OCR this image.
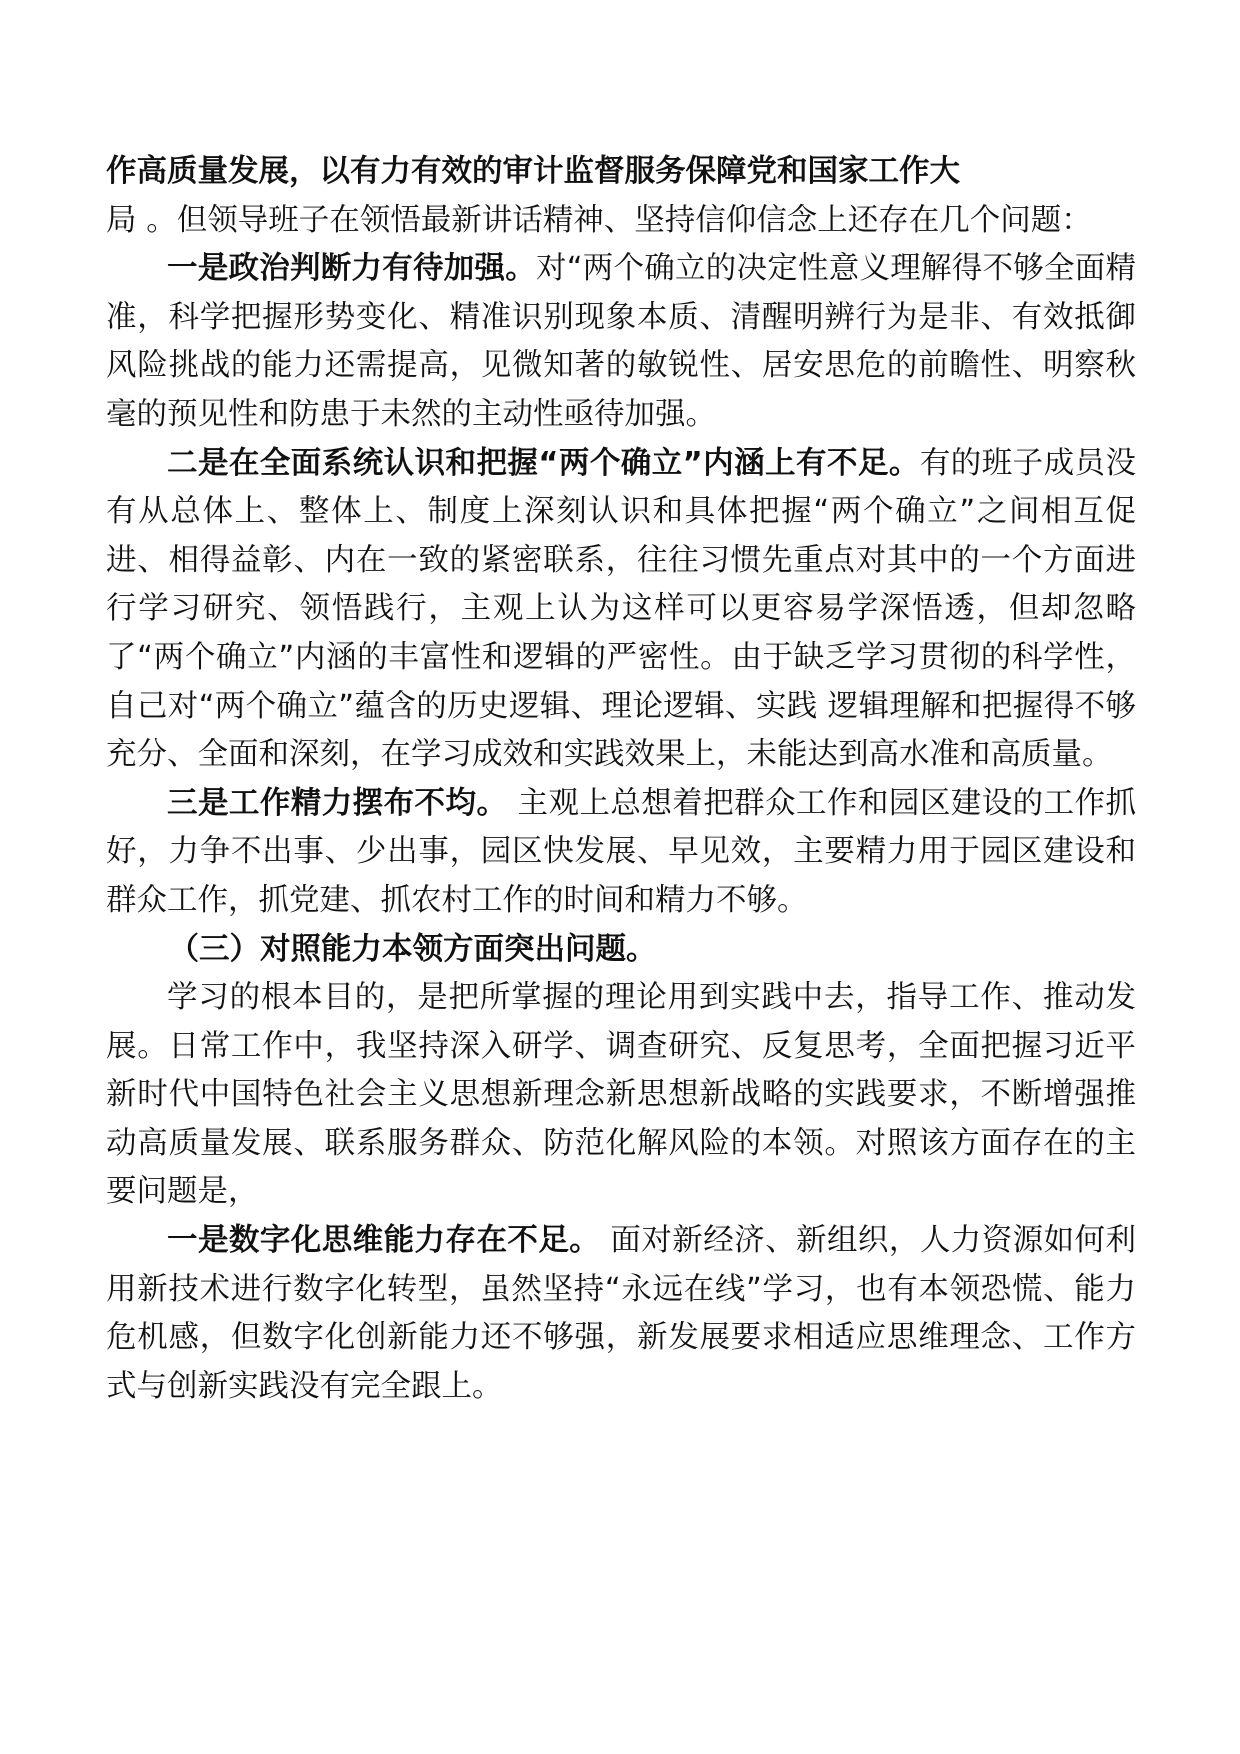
作高质量发展，以有力有效的审计监督服务保障党和国家工作大
局 。但领导班子在领悟最新讲话精神、坚持信仰信念上还存在几个问题：

一是政治判断力有待加强。对“两个确立的决定性意义理解得不够全面精准，科学把握形势变化、精准识别现象本质、清醒明辨行为是非、有效抵御风险挑战的能力还需提高，见微知著的敏锐性、居安思危的前瞻性、明察秋毫的预见性和防患于未然的主动性亟待加强。

二是在全面系统认识和把握“两个确立”内涵上有不足。有的班子成员没有从总体上、整体上、制度上深刻认识和具体把握“两个确立”之间相互促进、相得益彰、内在一致的紧密联系，往往习惯先重点对其中的一个方面进行学习研究、领悟践行，主观上认为这样可以更容易学深悟透，但却忽略了“两个确立”内涵的丰富性和逻辑的严密性。由于缺乏学习贯彻的科学性， 自己对“两个确立”蕴含的历史逻辑、理论逻辑、实践 逻辑理解和把握得不够充分、全面和深刻，在学习成效和实践效果上，未能达到高水准和高质量。

三是工作精力摆布不均。 主观上总想着把群众工作和园区建设的工作抓好，力争不出事、少出事，园区快发展、早见效，主要精力用于园区建设和群众工作，抓党建、抓农村工作的时间和精力不够。

（三）对照能力本领方面突出问题。

学习的根本目的，是把所掌握的理论用到实践中去，指导工作、推动发展。日常工作中，我坚持深入研学、调查研究、反复思考，全面把握习近平新时代中国特色社会主义思想新理念新思想新战略的实践要求，不断增强推动高质量发展、联系服务群众、防范化解风险的本领。对照该方面存在的主要问题是，

一是数字化思维能力存在不足。 面对新经济、新组织，人力资源如何利用新技术进行数字化转型，虽然坚持“永远在线”学习，也有本领恐慌、能力危机感，但数字化创新能力还不够强，新发展要求相适应思维理念、工作方式与创新实践没有完全跟上。
